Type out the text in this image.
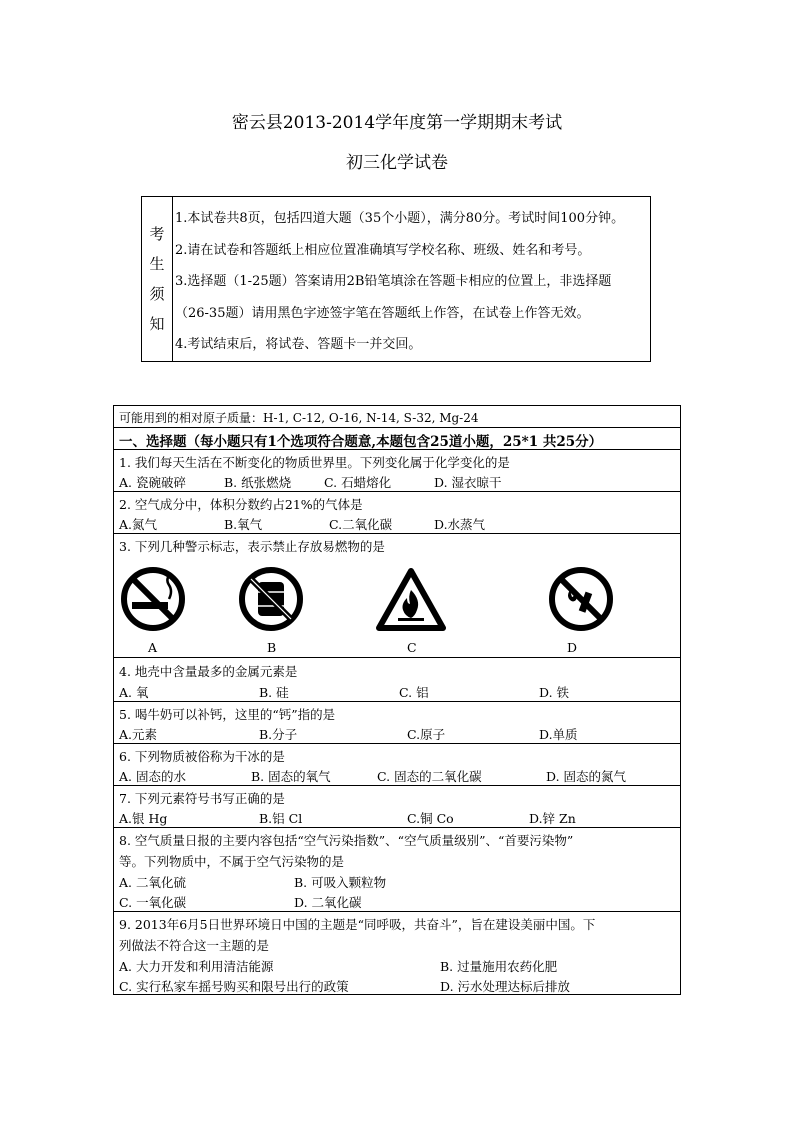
密云县2013-2014学年度第一学期期末考试
初三化学试卷
考
生
须
知
1.本试卷共8页，包括四道大题（35个小题），满分80分。考试时间100分钟。
2.请在试卷和答题纸上相应位置准确填写学校名称、班级、姓名和考号。
3.选择题（1-25题）答案请用2B铅笔填涂在答题卡相应的位置上，非选择题
（26-35题）请用黑色字迹签字笔在答题纸上作答，在试卷上作答无效。
4.考试结束后，将试卷、答题卡一并交回。
可能用到的相对原子质量：H-1, C-12, O-16, N-14, S-32, Mg-24
一、选择题（每小题只有1个选项符合题意,本题包含25道小题，25*1 共25分）
1. 我们每天生活在不断变化的物质世界里。下列变化属于化学变化的是
A. 瓷碗破碎	B. 纸张燃烧	C. 石蜡熔化	D. 湿衣晾干
2. 空气成分中，体积分数约占21%的气体是
A.氮气	B.氧气	C.二氧化碳	D.水蒸气
3. 下列几种警示标志，表示禁止存放易燃物的是
A	B	C	D
4. 地壳中含量最多的金属元素是
A. 氧	B. 硅	C. 铝	D. 铁
5. 喝牛奶可以补钙，这里的“钙”指的是
A.元素	B.分子	C.原子	D.单质
6. 下列物质被俗称为干冰的是
A. 固态的水	B. 固态的氧气	C. 固态的二氧化碳	D. 固态的氮气
7. 下列元素符号书写正确的是
A.银 Hg	B.铝 Cl	C.铜 Co	D.锌 Zn
8. 空气质量日报的主要内容包括“空气污染指数”、“空气质量级别”、“首要污染物”
等。下列物质中，不属于空气污染物的是
A. 二氧化硫	B. 可吸入颗粒物
C. 一氧化碳	D. 二氧化碳
9. 2013年6月5日世界环境日中国的主题是“同呼吸，共奋斗”，旨在建设美丽中国。下
列做法不符合这一主题的是
A. 大力开发和利用清洁能源	B. 过量施用农药化肥
C. 实行私家车摇号购买和限号出行的政策	D. 污水处理达标后排放
